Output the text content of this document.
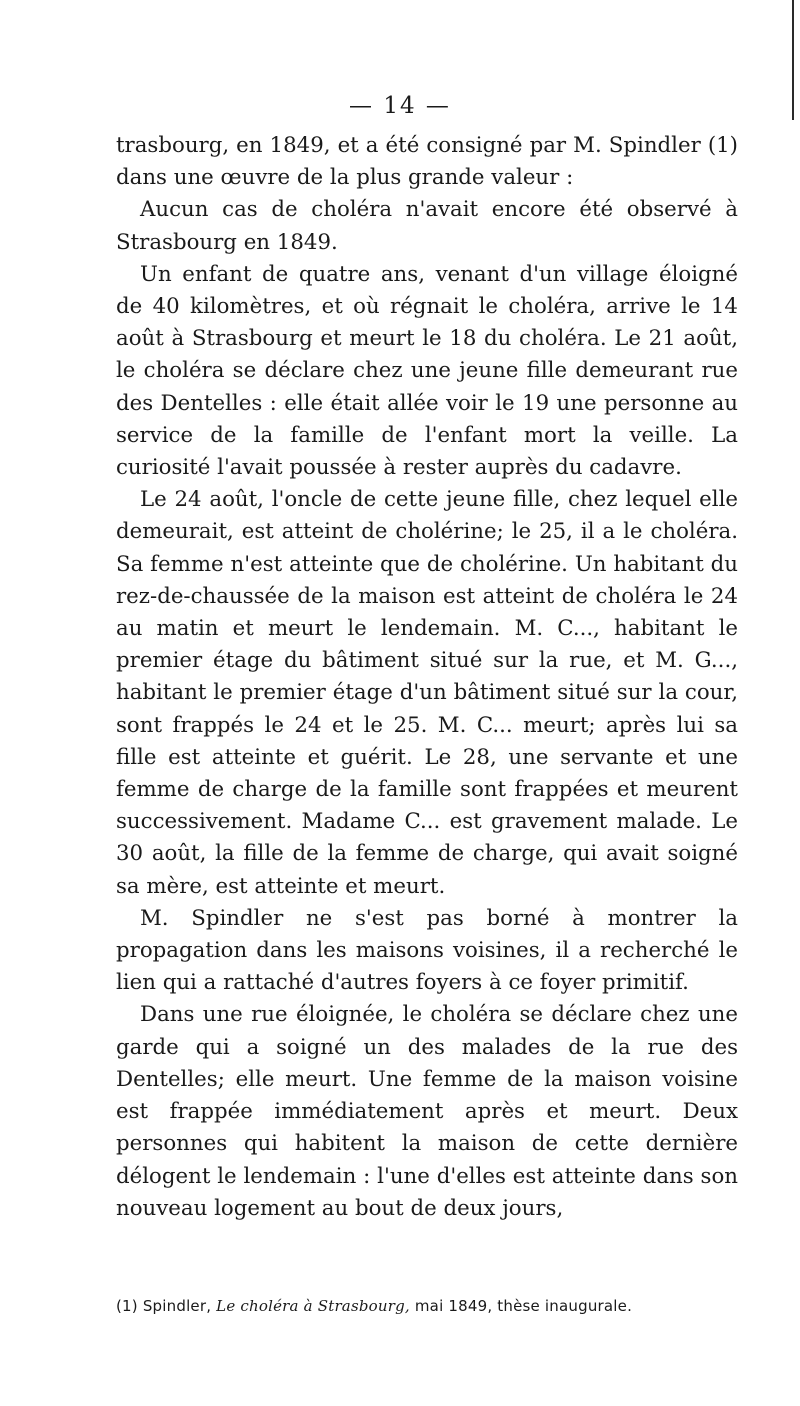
— 14 —

trasbourg, en 1849, et a été consigné par M. Spindler (1) dans une œuvre de la plus grande valeur :

Aucun cas de choléra n'avait encore été observé à Strasbourg en 1849.

Un enfant de quatre ans, venant d'un village éloigné de 40 kilomètres, et où régnait le choléra, arrive le 14 août à Strasbourg et meurt le 18 du choléra. Le 21 août, le choléra se déclare chez une jeune fille demeurant rue des Dentelles : elle était allée voir le 19 une personne au service de la famille de l'enfant mort la veille. La curiosité l'avait poussée à rester auprès du cadavre.

Le 24 août, l'oncle de cette jeune fille, chez lequel elle demeurait, est atteint de cholérine; le 25, il a le choléra. Sa femme n'est atteinte que de cholérine. Un habitant du rez-de-chaussée de la maison est atteint de choléra le 24 au matin et meurt le lendemain. M. C..., habitant le premier étage du bâtiment situé sur la rue, et M. G..., habitant le premier étage d'un bâtiment situé sur la cour, sont frappés le 24 et le 25. M. C... meurt; après lui sa fille est atteinte et guérit. Le 28, une servante et une femme de charge de la famille sont frappées et meurent successivement. Madame C... est gravement malade. Le 30 août, la fille de la femme de charge, qui avait soigné sa mère, est atteinte et meurt.

M. Spindler ne s'est pas borné à montrer la propagation dans les maisons voisines, il a recherché le lien qui a rattaché d'autres foyers à ce foyer primitif.

Dans une rue éloignée, le choléra se déclare chez une garde qui a soigné un des malades de la rue des Dentelles; elle meurt. Une femme de la maison voisine est frappée immédiatement après et meurt. Deux personnes qui habitent la maison de cette dernière délogent le lendemain : l'une d'elles est atteinte dans son nouveau logement au bout de deux jours,

(1) Spindler, Le choléra à Strasbourg, mai 1849, thèse inaugurale.
